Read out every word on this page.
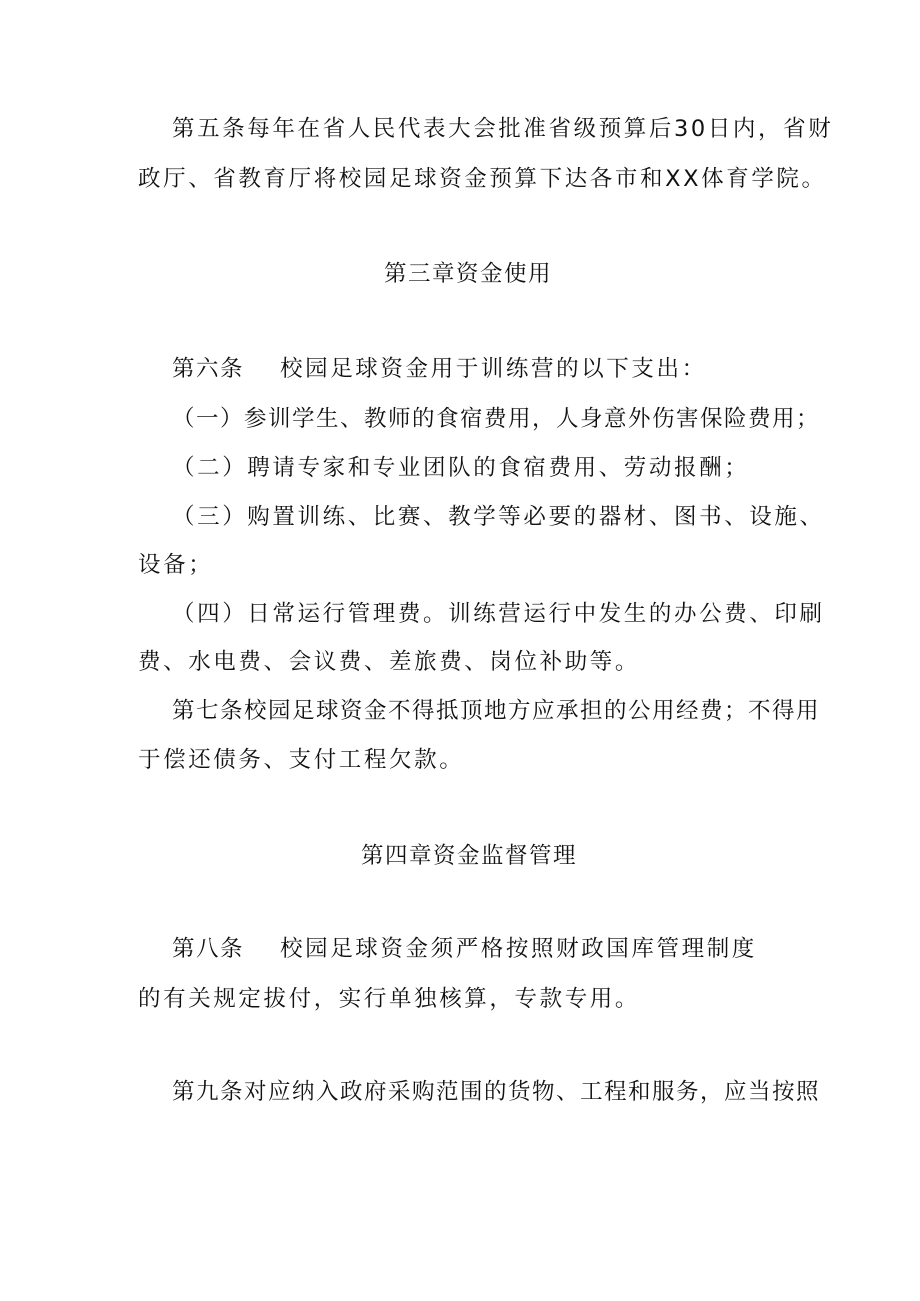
第五条每年在省人民代表大会批准省级预算后30日内，省财
政厅、省教育厅将校园足球资金预算下达各市和XX体育学院。
第三章资金使用
第六条 校园足球资金用于训练营的以下支出：
（一）参训学生、教师的食宿费用，人身意外伤害保险费用；
（二）聘请专家和专业团队的食宿费用、劳动报酬；
（三）购置训练、比赛、教学等必要的器材、图书、设施、
设备；
（四）日常运行管理费。训练营运行中发生的办公费、印刷
费、水电费、会议费、差旅费、岗位补助等。
第七条校园足球资金不得抵顶地方应承担的公用经费；不得用
于偿还债务、支付工程欠款。
第四章资金监督管理
第八条 校园足球资金须严格按照财政国库管理制度
的有关规定拔付，实行单独核算，专款专用。
第九条对应纳入政府采购范围的货物、工程和服务，应当按照
